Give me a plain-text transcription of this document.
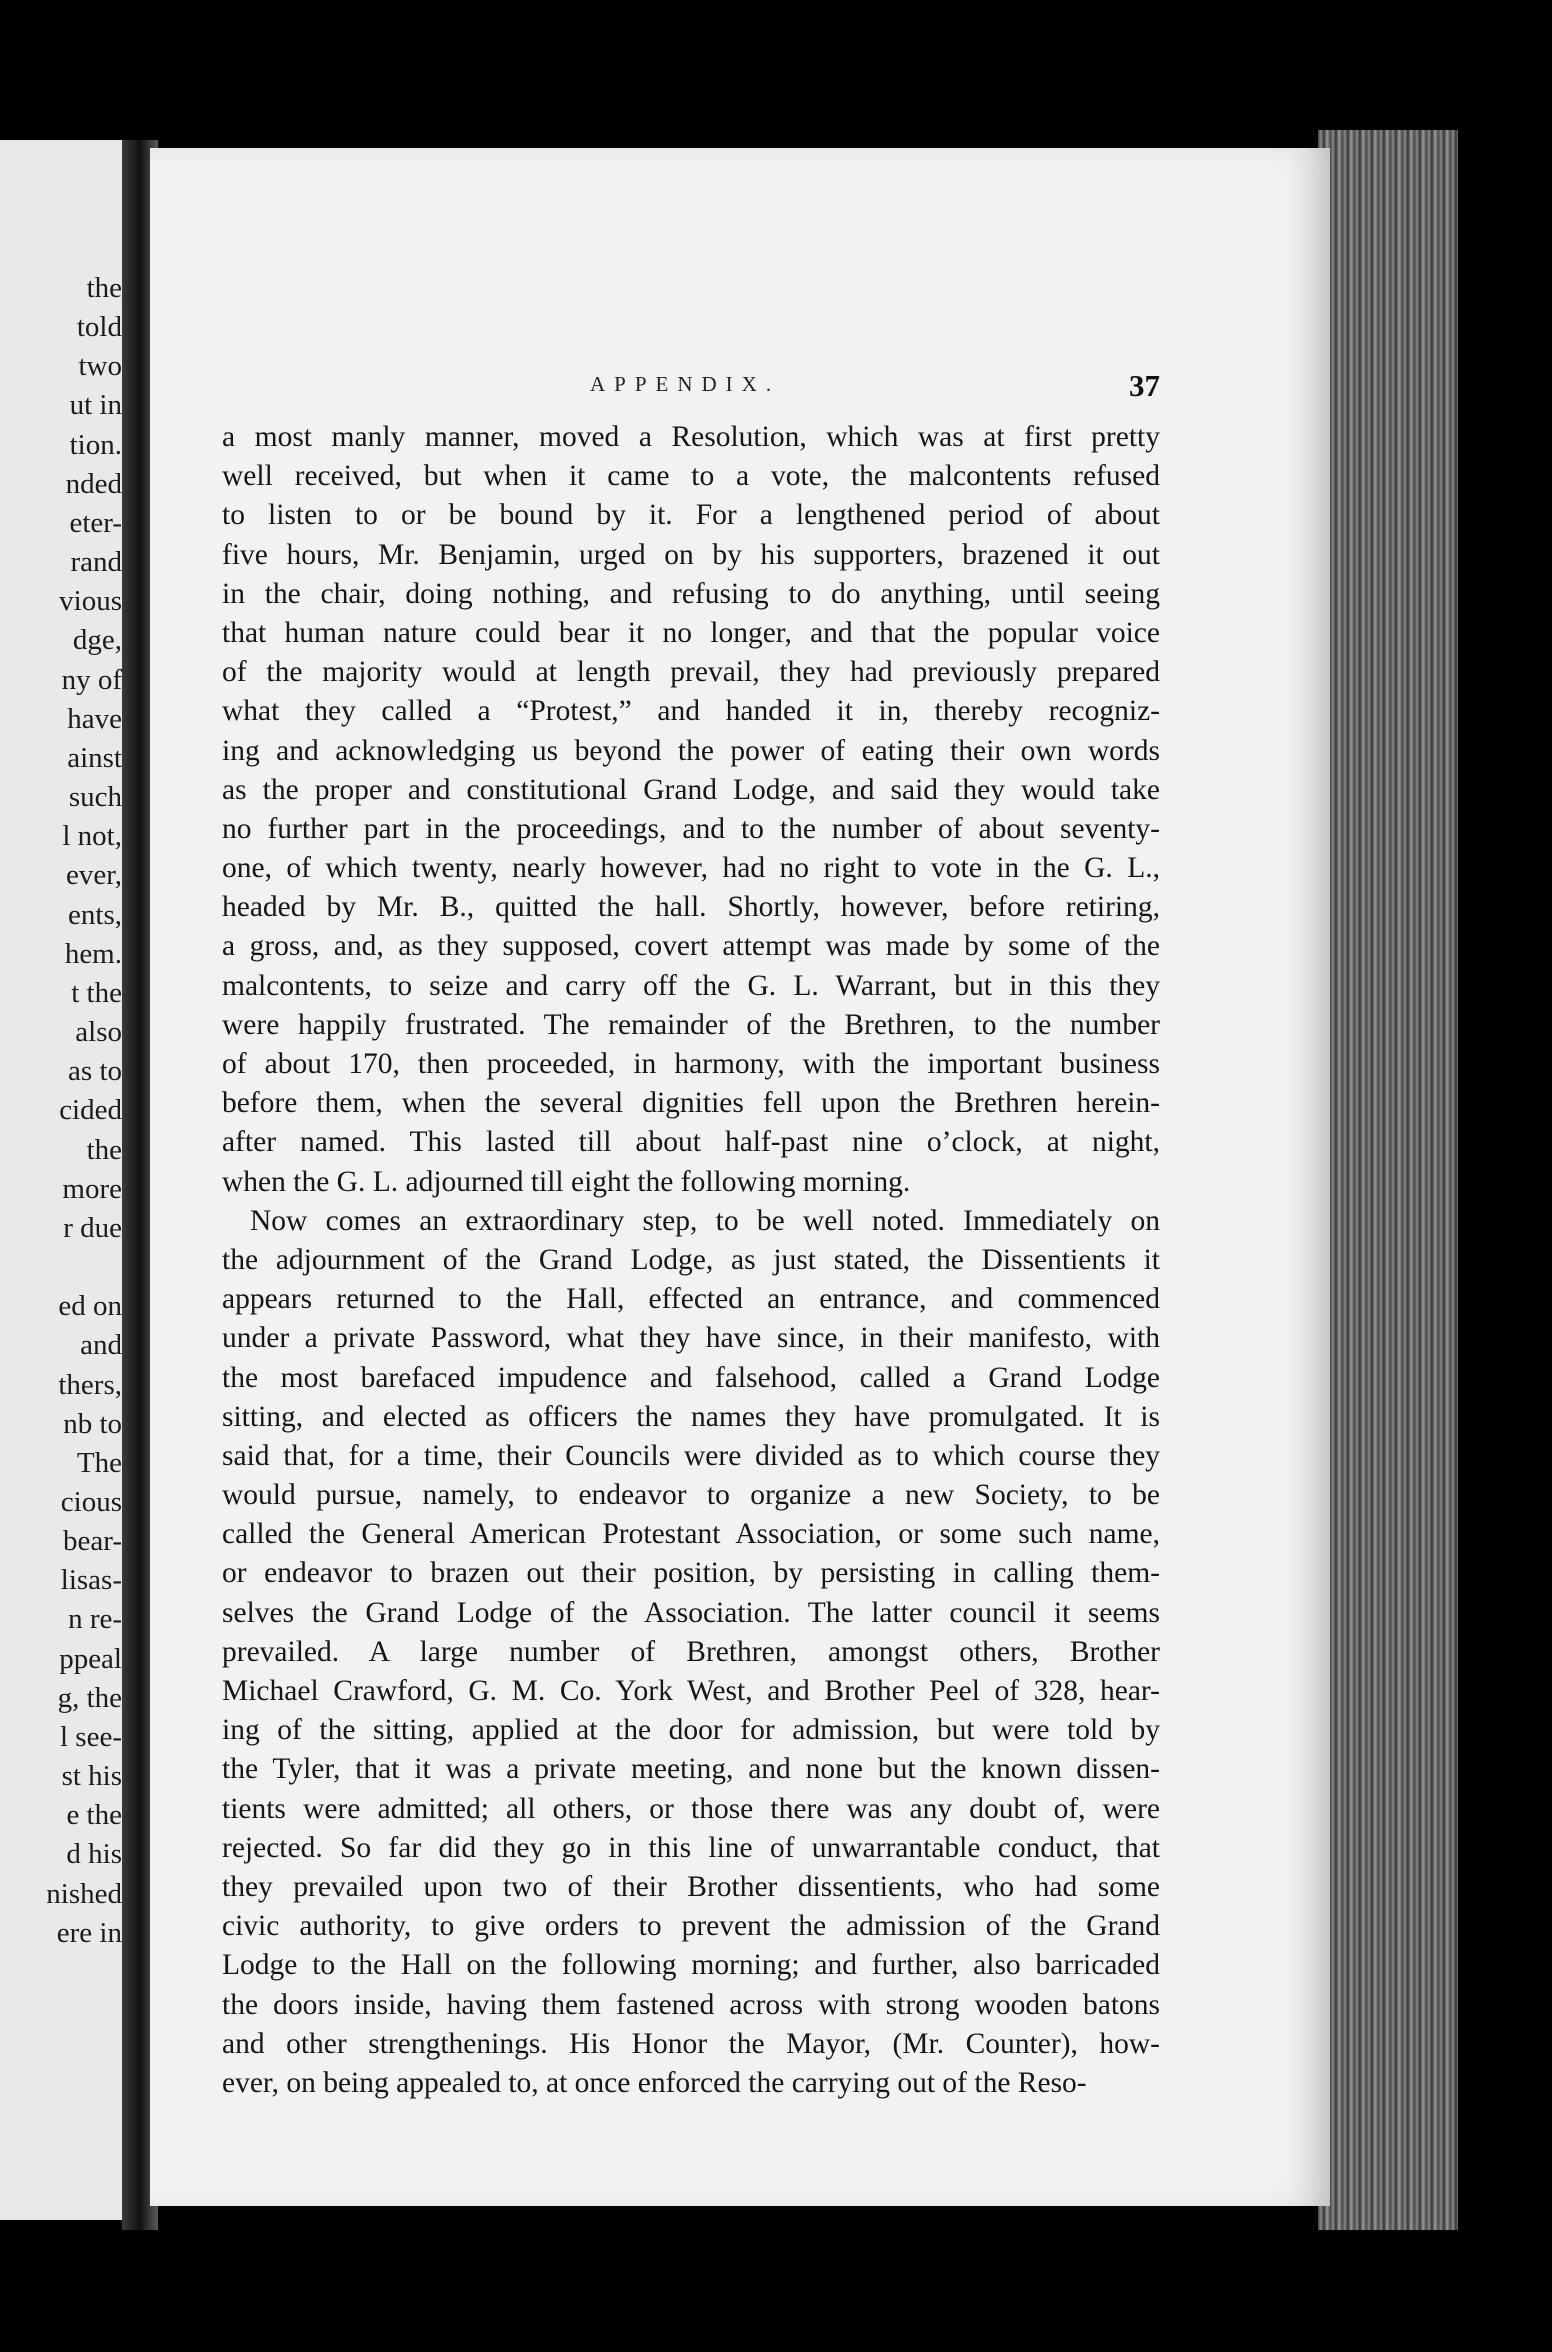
the
told
two
ut in
tion.
nded
eter-
rand
vious
dge,
ny of
have
ainst
such
l not,
ever,
ents,
hem.
t the
also
as to
cided
the
more
r due
ed on
and
thers,
nb to
The
cious
bear-
lisas-
n re-
ppeal
g, the
l see-
st his
e the
d his
nished
ere in
APPENDIX.	37
a most manly manner, moved a Resolution, which was at first pretty
well received, but when it came to a vote, the malcontents refused
to listen to or be bound by it. For a lengthened period of about
five hours, Mr. Benjamin, urged on by his supporters, brazened it out
in the chair, doing nothing, and refusing to do anything, until seeing
that human nature could bear it no longer, and that the popular voice
of the majority would at length prevail, they had previously prepared
what they called a “Protest,” and handed it in, thereby recogniz-
ing and acknowledging us beyond the power of eating their own words
as the proper and constitutional Grand Lodge, and said they would take
no further part in the proceedings, and to the number of about seventy-
one, of which twenty, nearly however, had no right to vote in the G. L.,
headed by Mr. B., quitted the hall. Shortly, however, before retiring,
a gross, and, as they supposed, covert attempt was made by some of the
malcontents, to seize and carry off the G. L. Warrant, but in this they
were happily frustrated. The remainder of the Brethren, to the number
of about 170, then proceeded, in harmony, with the important business
before them, when the several dignities fell upon the Brethren herein-
after named. This lasted till about half-past nine o’clock, at night,
when the G. L. adjourned till eight the following morning.
Now comes an extraordinary step, to be well noted. Immediately on
the adjournment of the Grand Lodge, as just stated, the Dissentients it
appears returned to the Hall, effected an entrance, and commenced
under a private Password, what they have since, in their manifesto, with
the most barefaced impudence and falsehood, called a Grand Lodge
sitting, and elected as officers the names they have promulgated. It is
said that, for a time, their Councils were divided as to which course they
would pursue, namely, to endeavor to organize a new Society, to be
called the General American Protestant Association, or some such name,
or endeavor to brazen out their position, by persisting in calling them-
selves the Grand Lodge of the Association. The latter council it seems
prevailed. A large number of Brethren, amongst others, Brother
Michael Crawford, G. M. Co. York West, and Brother Peel of 328, hear-
ing of the sitting, applied at the door for admission, but were told by
the Tyler, that it was a private meeting, and none but the known dissen-
tients were admitted; all others, or those there was any doubt of, were
rejected. So far did they go in this line of unwarrantable conduct, that
they prevailed upon two of their Brother dissentients, who had some
civic authority, to give orders to prevent the admission of the Grand
Lodge to the Hall on the following morning; and further, also barricaded
the doors inside, having them fastened across with strong wooden batons
and other strengthenings. His Honor the Mayor, (Mr. Counter), how-
ever, on being appealed to, at once enforced the carrying out of the Reso-
